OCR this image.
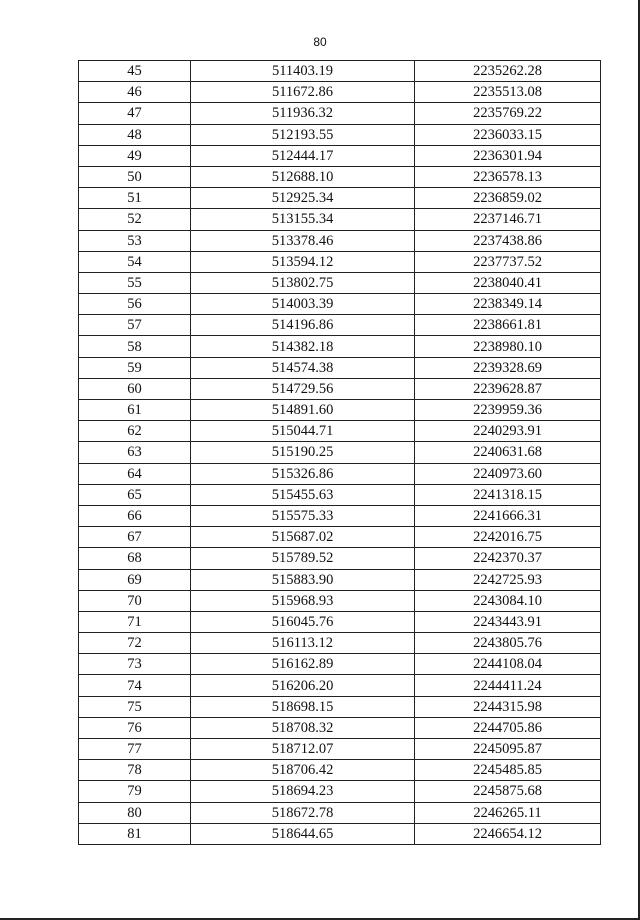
80
45	511403.19	2235262.28
46	511672.86	2235513.08
47	511936.32	2235769.22
48	512193.55	2236033.15
49	512444.17	2236301.94
50	512688.10	2236578.13
51	512925.34	2236859.02
52	513155.34	2237146.71
53	513378.46	2237438.86
54	513594.12	2237737.52
55	513802.75	2238040.41
56	514003.39	2238349.14
57	514196.86	2238661.81
58	514382.18	2238980.10
59	514574.38	2239328.69
60	514729.56	2239628.87
61	514891.60	2239959.36
62	515044.71	2240293.91
63	515190.25	2240631.68
64	515326.86	2240973.60
65	515455.63	2241318.15
66	515575.33	2241666.31
67	515687.02	2242016.75
68	515789.52	2242370.37
69	515883.90	2242725.93
70	515968.93	2243084.10
71	516045.76	2243443.91
72	516113.12	2243805.76
73	516162.89	2244108.04
74	516206.20	2244411.24
75	518698.15	2244315.98
76	518708.32	2244705.86
77	518712.07	2245095.87
78	518706.42	2245485.85
79	518694.23	2245875.68
80	518672.78	2246265.11
81	518644.65	2246654.12
